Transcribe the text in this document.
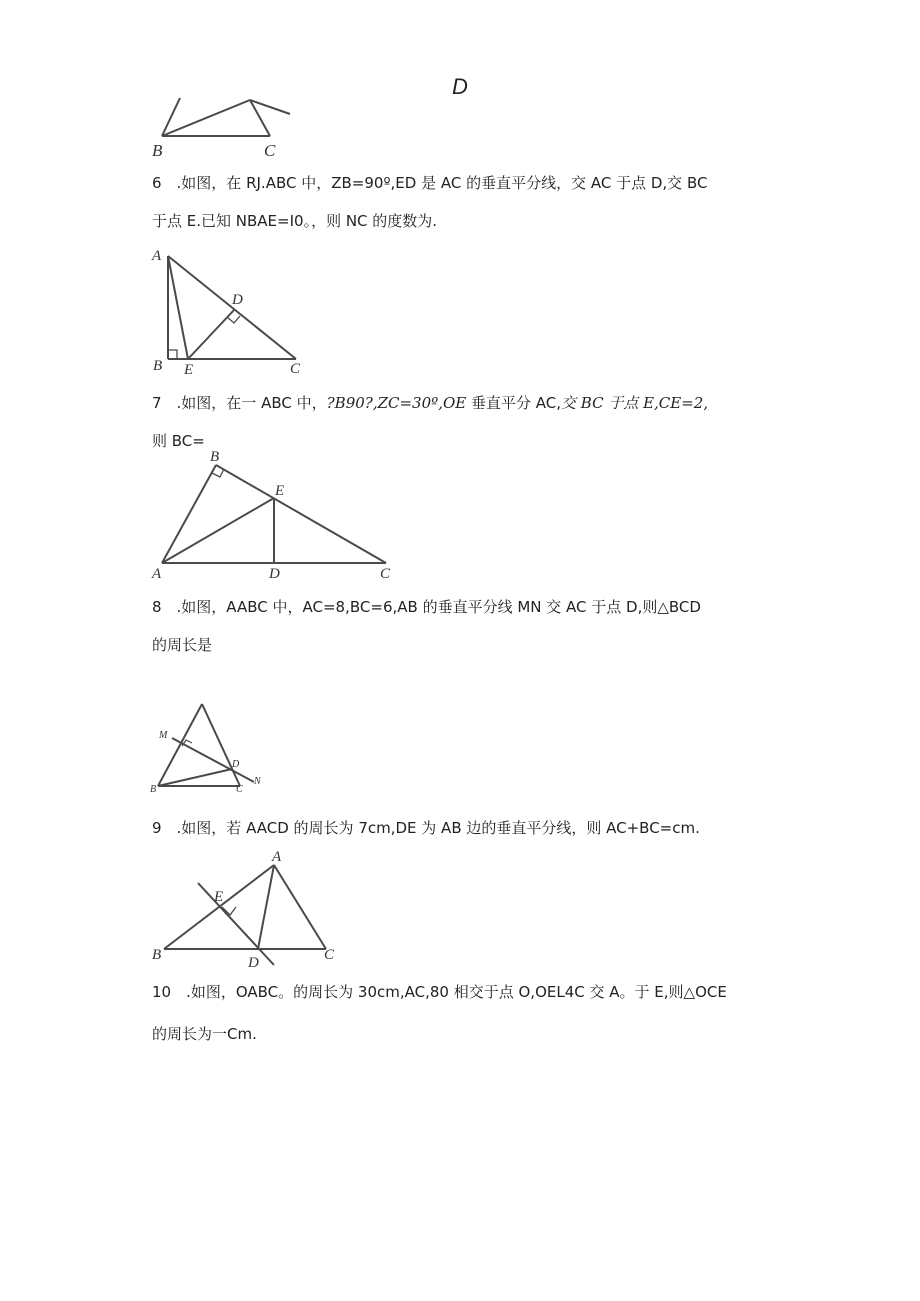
D
B	C
6　.如图，在 RJ.ABC 中，ZB=90º,ED 是 AC 的垂直平分线，交 AC 于点 D,交 BC
于点 E.已知 NBAE=I0。，则 NC 的度数为.
A
D
B E	C
7　.如图，在一 ABC 中，?B90?,ZC=30º,OE 垂直平分 AC,交 BC 于点 E,CE=2,
则 BC=
B
E
A	D	C
8　.如图，AABC 中，AC=8,BC=6,AB 的垂直平分线 MN 交 AC 于点 D,则△BCD
的周长是
M
D
N
B	C
9　.如图，若 AACD 的周长为 7cm,DE 为 AB 边的垂直平分线，则 AC+BC=cm.
A
E
B	D	C
10　.如图，OABC。的周长为 30cm,AC,80 相交于点 O,OEL4C 交 A。于 E,则△OCE
的周长为一Cm.
